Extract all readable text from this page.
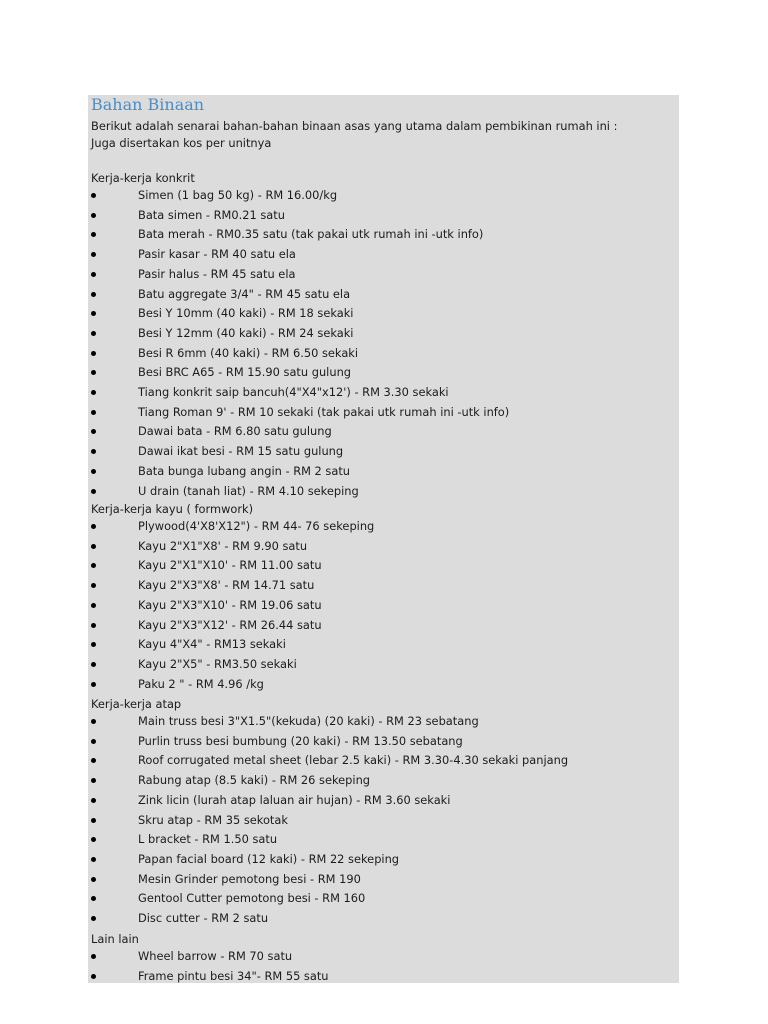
Bahan Binaan
Berikut adalah senarai bahan-bahan binaan asas yang utama dalam pembikinan rumah ini :
Juga disertakan kos per unitnya
Kerja-kerja konkrit
Simen (1 bag 50 kg) - RM 16.00/kg
Bata simen - RM0.21 satu
Bata merah - RM0.35 satu (tak pakai utk rumah ini -utk info)
Pasir kasar - RM 40 satu ela
Pasir halus - RM 45 satu ela
Batu aggregate 3/4" - RM 45 satu ela
Besi Y 10mm (40 kaki) - RM 18 sekaki
Besi Y 12mm (40 kaki) - RM 24 sekaki
Besi R 6mm (40 kaki) - RM 6.50 sekaki
Besi BRC A65 - RM 15.90 satu gulung
Tiang konkrit saip bancuh(4"X4"x12') - RM 3.30 sekaki
Tiang Roman 9' - RM 10 sekaki (tak pakai utk rumah ini -utk info)
Dawai bata - RM 6.80 satu gulung
Dawai ikat besi - RM 15 satu gulung
Bata bunga lubang angin - RM 2 satu
U drain (tanah liat) - RM 4.10 sekeping
Kerja-kerja kayu ( formwork)
Plywood(4'X8'X12") - RM 44- 76 sekeping
Kayu 2"X1"X8' - RM 9.90 satu
Kayu 2"X1"X10' - RM 11.00 satu
Kayu 2"X3"X8' - RM 14.71 satu
Kayu 2"X3"X10' - RM 19.06 satu
Kayu 2"X3"X12' - RM 26.44 satu
Kayu 4"X4" - RM13 sekaki
Kayu 2"X5" - RM3.50 sekaki
Paku 2 " - RM 4.96 /kg
Kerja-kerja atap
Main truss besi 3"X1.5"(kekuda) (20 kaki) - RM 23 sebatang
Purlin truss besi bumbung (20 kaki) - RM 13.50 sebatang
Roof corrugated metal sheet (lebar 2.5 kaki) - RM 3.30-4.30 sekaki panjang
Rabung atap (8.5 kaki) - RM 26 sekeping
Zink licin (lurah atap laluan air hujan) - RM 3.60 sekaki
Skru atap - RM 35 sekotak
L bracket - RM 1.50 satu
Papan facial board (12 kaki) - RM 22 sekeping
Mesin Grinder pemotong besi - RM 190
Gentool Cutter pemotong besi - RM 160
Disc cutter - RM 2 satu
Lain lain
Wheel barrow - RM 70 satu
Frame pintu besi 34"- RM 55 satu
